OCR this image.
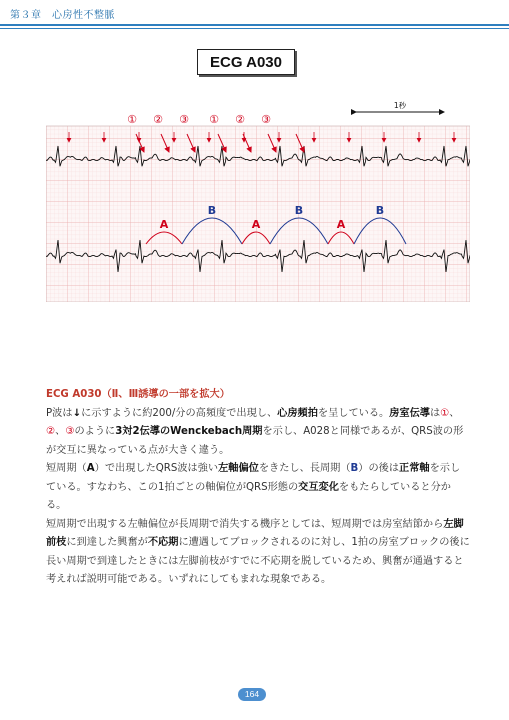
第３章　心房性不整脈
ECG A030
1秒
① ② ③ ① ② ③
A
B
A
B
A
B

ECG A030（Ⅱ、Ⅲ誘導の一部を拡大）

P波は↓に示すように約200/分の高頻度で出現し、心房頻拍を呈している。房室伝導は①、②、③のように3対2伝導のWenckebach周期を示し、A028と同様であるが、QRS波の形が交互に異なっている点が大きく違う。

短周期（A）で出現したQRS波は強い左軸偏位をきたし、長周期（B）の後は正常軸を示している。すなわち、この1拍ごとの軸偏位がQRS形態の交互変化をもたらしていると分かる。

短周期で出現する左軸偏位が長周期で消失する機序としては、短周期では房室結節から左脚前枝に到達した興奮が不応期に遭遇してブロックされるのに対し、1拍の房室ブロックの後に長い周期で到達したときには左脚前枝がすでに不応期を脱しているため、興奮が通過すると考えれば説明可能である。いずれにしてもまれな現象である。

164
